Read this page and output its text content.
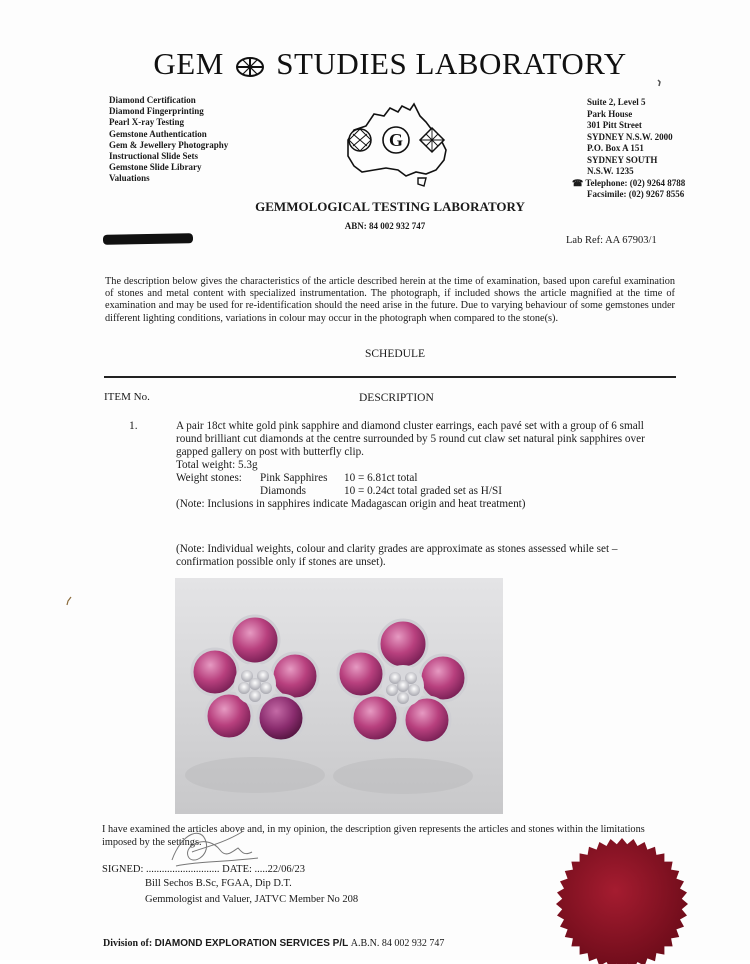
GEM STUDIES LABORATORY
Diamond Certification
Diamond Fingerprinting
Pearl X-ray Testing
Gemstone Authentication
Gem & Jewellery Photography
Instructional Slide Sets
Gemstone Slide Library
Valuations
G
Suite 2, Level 5
Park House
301 Pitt Street
SYDNEY N.S.W. 2000
P.O. Box A 151
SYDNEY SOUTH
N.S.W. 1235
☎ Telephone: (02) 9264 8788
Facsimile: (02) 9267 8556
GEMMOLOGICAL TESTING LABORATORY
ABN: 84 002 932 747
Lab Ref: AA 67903/1
The description below gives the characteristics of the article described herein at the time of examination, based upon careful examination of stones and metal content with specialized instrumentation. The photograph, if included shows the article magnified at the time of examination and may be used for re-identification should the need arise in the future. Due to varying behaviour of some gemstones under different lighting conditions, variations in colour may occur in the photograph when compared to the stone(s).
SCHEDULE
ITEM No.	DESCRIPTION
1.	A pair 18ct white gold pink sapphire and diamond cluster earrings, each pavé set with a group of 6 small round brilliant cut diamonds at the centre surrounded by 5 round cut claw set natural pink sapphires over gapped gallery on post with butterfly clip.

Total weight: 5.3g

Weight stones:	Pink Sapphires	10 = 6.81ct total
	Diamonds	10 = 0.24ct total graded set as H/SI

(Note: Inclusions in sapphires indicate Madagascan origin and heat treatment)

(Note: Individual weights, colour and clarity grades are approximate as stones assessed while set – confirmation possible only if stones are unset).
I have examined the articles above and, in my opinion, the description given represents the articles and stones within the limitations imposed by the settings.
SIGNED: ............................ DATE: .....22/06/23
Bill Sechos B.Sc, FGAA, Dip D.T.
Gemmologist and Valuer, JATVC Member No 208
Division of: DIAMOND EXPLORATION SERVICES P/L A.B.N. 84 002 932 747
